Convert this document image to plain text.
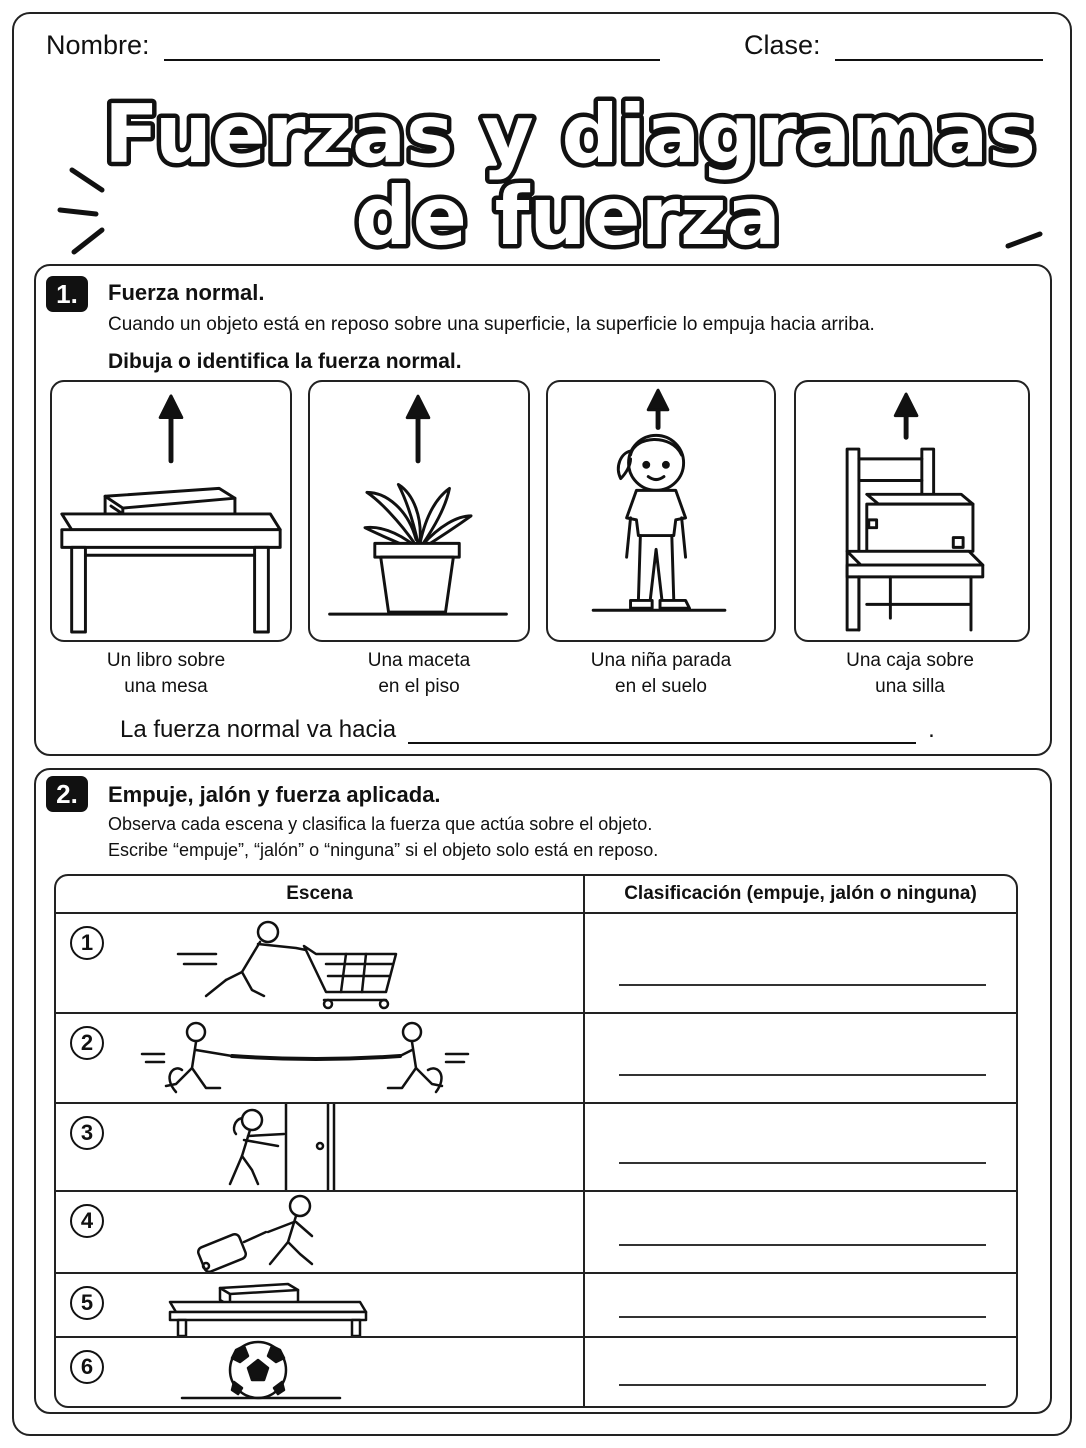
Nombre:	Clase:
Fuerzas y diagramas
de fuerza
1.	Fuerza normal.
Cuando un objeto está en reposo sobre una superficie, la superficie lo empuja hacia arriba.
Dibuja o identifica la fuerza normal.
Un libro sobre
una mesa
Una maceta
en el piso
Una niña parada
en el suelo
Una caja sobre
una silla
La fuerza normal va hacia	.
2.	Empuje, jalón y fuerza aplicada.
Observa cada escena y clasifica la fuerza que actúa sobre el objeto.
Escribe “empuje”, “jalón” o “ninguna” si el objeto solo está en reposo.
Escena	Clasificación (empuje, jalón o ninguna)

1	

2	

3	

4	

5	

6	
